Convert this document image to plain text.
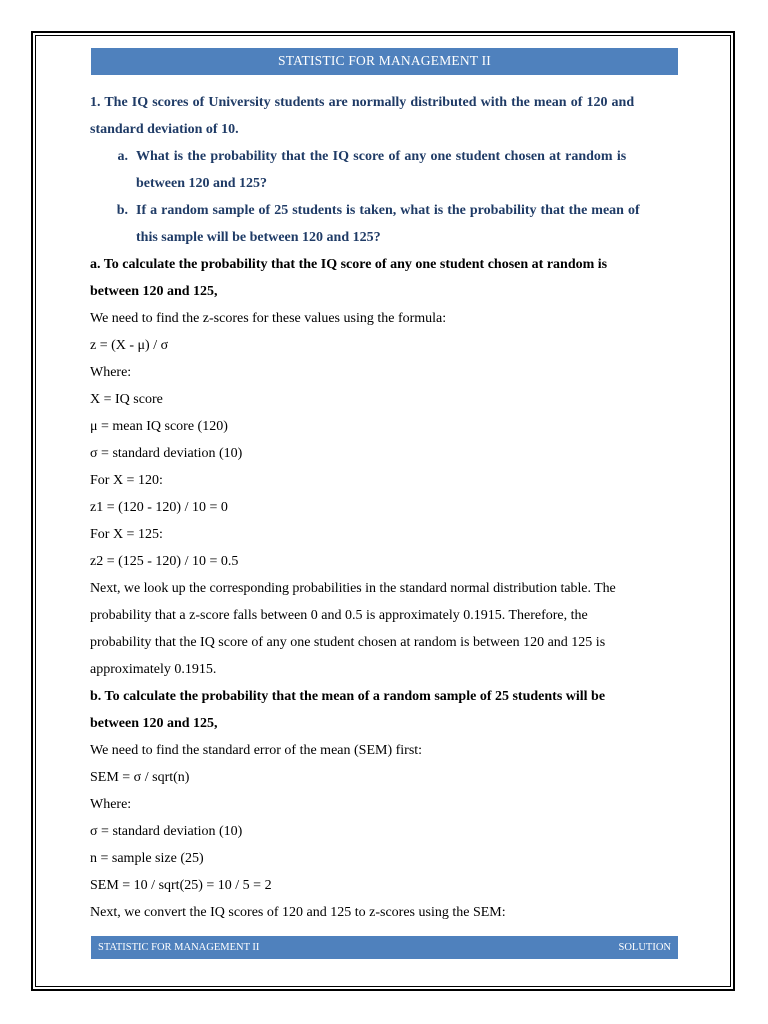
STATISTIC FOR MANAGEMENT II
1. The IQ scores of University students are normally distributed with the mean of 120 and
standard deviation of 10.
a. What is the probability that the IQ score of any one student chosen at random is
between 120 and 125?
b. If a random sample of 25 students is taken, what is the probability that the mean of
this sample will be between 120 and 125?
a. To calculate the probability that the IQ score of any one student chosen at random is
between 120 and 125,
We need to find the z-scores for these values using the formula:
z = (X - μ) / σ
Where:
X = IQ score
μ = mean IQ score (120)
σ = standard deviation (10)
For X = 120:
z1 = (120 - 120) / 10 = 0
For X = 125:
z2 = (125 - 120) / 10 = 0.5
Next, we look up the corresponding probabilities in the standard normal distribution table. The
probability that a z-score falls between 0 and 0.5 is approximately 0.1915. Therefore, the
probability that the IQ score of any one student chosen at random is between 120 and 125 is
approximately 0.1915.
b. To calculate the probability that the mean of a random sample of 25 students will be
between 120 and 125,
We need to find the standard error of the mean (SEM) first:
SEM = σ / sqrt(n)
Where:
σ = standard deviation (10)
n = sample size (25)
SEM = 10 / sqrt(25) = 10 / 5 = 2
Next, we convert the IQ scores of 120 and 125 to z-scores using the SEM:
STATISTIC FOR MANAGEMENT II	SOLUTION
